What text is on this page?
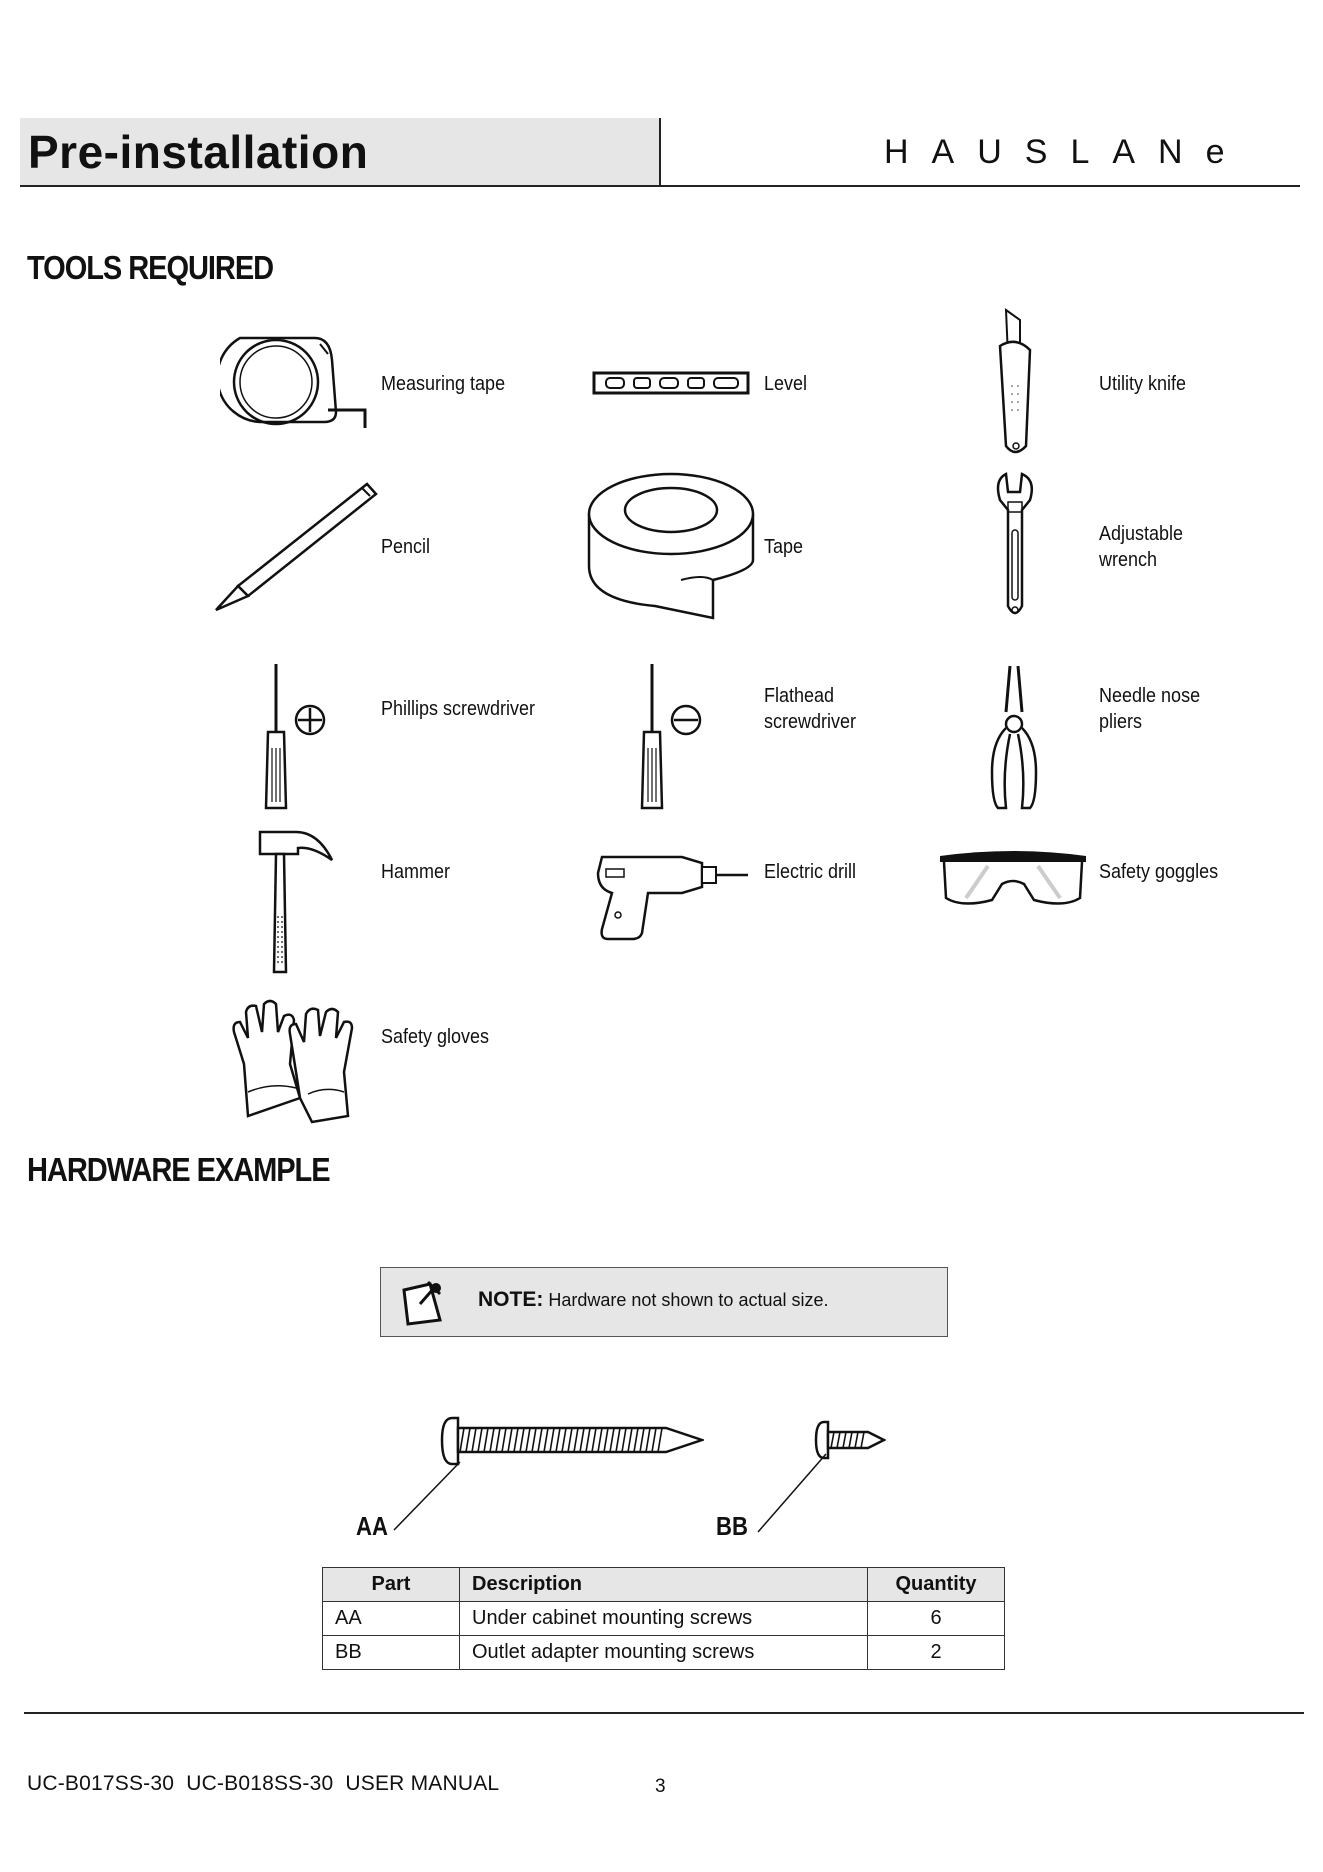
Pre-installation	HAUSLANe
TOOLS REQUIRED
Measuring tape	Level	Utility knife
Pencil	Tape
Adjustable
wrench
Phillips screwdriver
Flathead
screwdriver
Needle nose
pliers
Hammer	Electric drill	Safety goggles
Safety gloves
HARDWARE EXAMPLE
NOTE: Hardware not shown to actual size.
AA	BB
Part	Description	Quantity
AA	Under cabinet mounting screws	6
BB	Outlet adapter mounting screws	2
UC-B017SS-30  UC-B018SS-30  USER MANUAL	3
